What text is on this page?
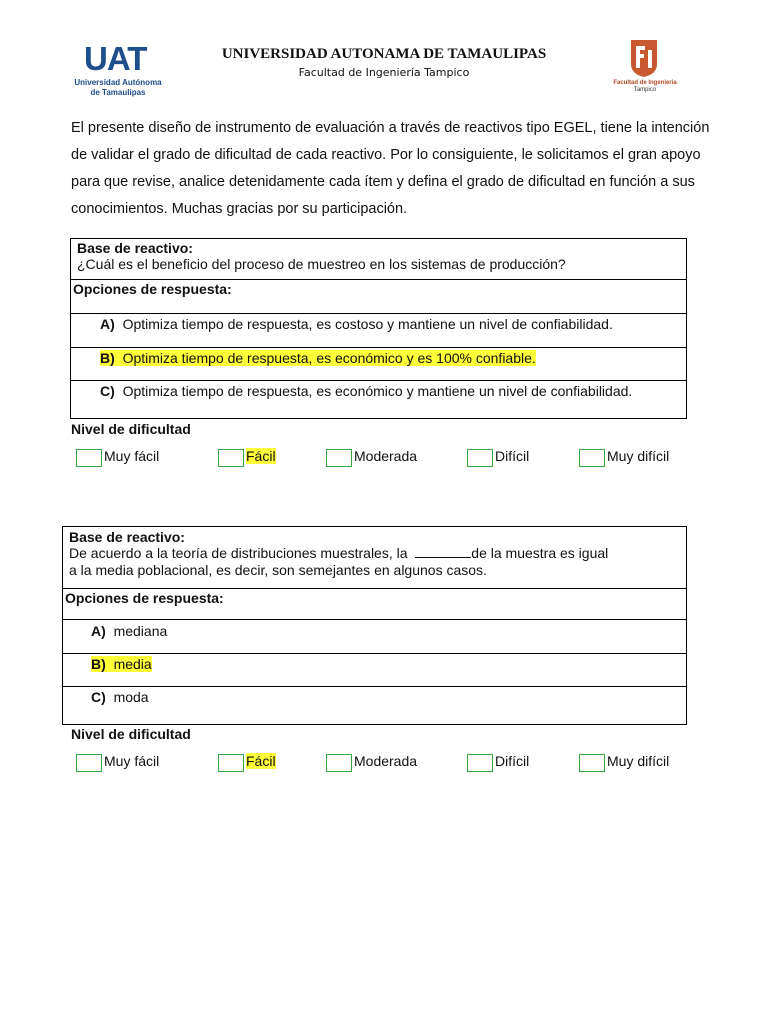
UAT
Universidad Autónoma
de Tamaulipas
UNIVERSIDAD AUTONAMA DE TAMAULIPAS
Facultad de Ingeniería Tampico
Facultad de Ingenieria
Tampico
El presente diseño de instrumento de evaluación a través de reactivos tipo EGEL, tiene la intención de validar el grado de dificultad de cada reactivo. Por lo consiguiente, le solicitamos el gran apoyo para que revise, analice detenidamente cada ítem y defina el grado de dificultad en función a sus conocimientos. Muchas gracias por su participación.
Base de reactivo:
¿Cuál es el beneficio del proceso de muestreo en los sistemas de producción?
Opciones de respuesta:
A) Optimiza tiempo de respuesta, es costoso y mantiene un nivel de confiabilidad.
B) Optimiza tiempo de respuesta, es económico y es 100% confiable.
C) Optimiza tiempo de respuesta, es económico y mantiene un nivel de confiabilidad.
Nivel de dificultad
Muy fácil	Fácil	Moderada	Difícil	Muy difícil
Base de reactivo:
De acuerdo a la teoría de distribuciones muestrales, la	de la muestra es igual
a la media poblacional, es decir, son semejantes en algunos casos.
Opciones de respuesta:
A) mediana
B) media
C) moda
Nivel de dificultad
Muy fácil	Fácil	Moderada	Difícil	Muy difícil
